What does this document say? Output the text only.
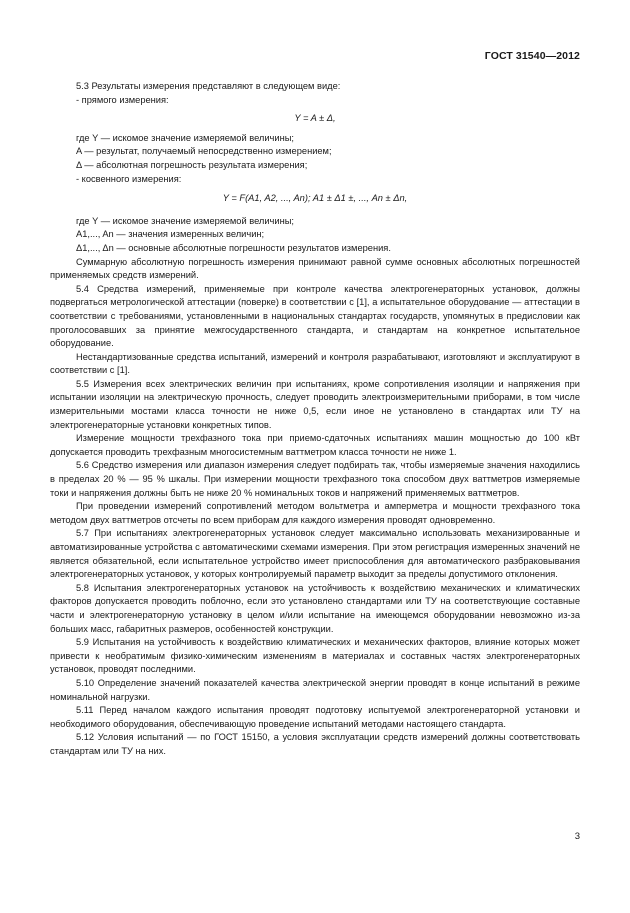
ГОСТ 31540—2012

5.3 Результаты измерения представляют в следующем виде:

- прямого измерения:

Y = A ± Δ,

где Y — искомое значение измеряемой величины;

A — результат, получаемый непосредственно измерением;

Δ — абсолютная погрешность результата измерения;

- косвенного измерения:

Y = F(A1, A2, ..., An); A1 ± Δ1 ±, ..., An ± Δn,

где Y — искомое значение измеряемой величины;

A1,..., An — значения измеренных величин;

Δ1,..., Δn — основные абсолютные погрешности результатов измерения.

Суммарную абсолютную погрешность измерения принимают равной сумме основных абсолютных погрешностей применяемых средств измерений.

5.4 Средства измерений, применяемые при контроле качества электрогенераторных установок, должны подвергаться метрологической аттестации (поверке) в соответствии с [1], а испытательное оборудование — аттестации в соответствии с требованиями, установленными в национальных стандартах государств, упомянутых в предисловии как проголосовавших за принятие межгосударственного стандарта, и стандартам на конкретное испытательное оборудование.

Нестандартизованные средства испытаний, измерений и контроля разрабатывают, изготовляют и эксплуатируют в соответствии с [1].

5.5 Измерения всех электрических величин при испытаниях, кроме сопротивления изоляции и напряжения при испытании изоляции на электрическую прочность, следует проводить электроизмерительными приборами, в том числе измерительными мостами класса точности не ниже 0,5, если иное не установлено в стандартах или ТУ на электрогенераторные установки конкретных типов.

Измерение мощности трехфазного тока при приемо-сдаточных испытаниях машин мощностью до 100 кВт допускается проводить трехфазным многосистемным ваттметром класса точности не ниже 1.

5.6 Средство измерения или диапазон измерения следует подбирать так, чтобы измеряемые значения находились в пределах 20 % — 95 % шкалы. При измерении мощности трехфазного тока способом двух ваттметров измеряемые токи и напряжения должны быть не ниже 20 % номинальных токов и напряжений применяемых ваттметров.

При проведении измерений сопротивлений методом вольтметра и амперметра и мощности трехфазного тока методом двух ваттметров отсчеты по всем приборам для каждого измерения проводят одновременно.

5.7 При испытаниях электрогенераторных установок следует максимально использовать механизированные и автоматизированные устройства с автоматическими схемами измерения. При этом регистрация измеренных значений не является обязательной, если испытательное устройство имеет приспособления для автоматического разбраковывания электрогенераторных установок, у которых контролируемый параметр выходит за пределы допустимого отклонения.

5.8 Испытания электрогенераторных установок на устойчивость к воздействию механических и климатических факторов допускается проводить поблочно, если это установлено стандартами или ТУ на соответствующие составные части и электрогенераторную установку в целом и/или испытание на имеющемся оборудовании невозможно из-за больших масс, габаритных размеров, особенностей конструкции.

5.9 Испытания на устойчивость к воздействию климатических и механических факторов, влияние которых может привести к необратимым физико-химическим изменениям в материалах и составных частях электрогенераторных установок, проводят последними.

5.10 Определение значений показателей качества электрической энергии проводят в конце испытаний в режиме номинальной нагрузки.

5.11 Перед началом каждого испытания проводят подготовку испытуемой электрогенераторной установки и необходимого оборудования, обеспечивающую проведение испытаний методами настоящего стандарта.

5.12 Условия испытаний — по ГОСТ 15150, а условия эксплуатации средств измерений должны соответствовать стандартам или ТУ на них.

3
